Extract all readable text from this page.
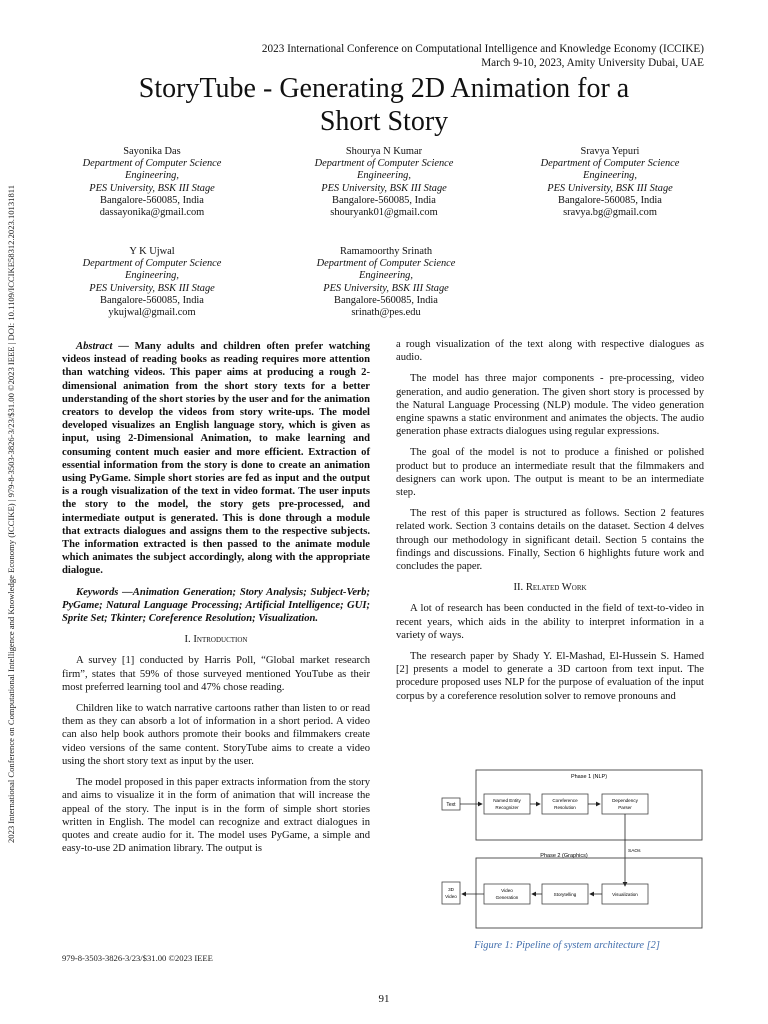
2023 International Conference on Computational Intelligence and Knowledge Economy (ICCIKE) | 979-8-3503-3826-3/23/$31.00 ©2023 IEEE | DOI: 10.1109/ICCIKE58312.2023.10131811
2023 International Conference on Computational Intelligence and Knowledge Economy (ICCIKE)
March 9-10, 2023, Amity University Dubai, UAE
StoryTube - Generating 2D Animation for a
Short Story
Sayonika Das
Department of Computer Science
Engineering,
PES University, BSK III Stage
Bangalore-560085, India
dassayonika@gmail.com
Shourya N Kumar
Department of Computer Science
Engineering,
PES University, BSK III Stage
Bangalore-560085, India
shouryank01@gmail.com
Sravya Yepuri
Department of Computer Science
Engineering,
PES University, BSK III Stage
Bangalore-560085, India
sravya.bg@gmail.com
Y K Ujwal
Department of Computer Science
Engineering,
PES University, BSK III Stage
Bangalore-560085, India
ykujwal@gmail.com
Ramamoorthy Srinath
Department of Computer Science
Engineering,
PES University, BSK III Stage
Bangalore-560085, India
srinath@pes.edu

Abstract — Many adults and children often prefer watching videos instead of reading books as reading requires more attention than watching videos. This paper aims at producing a rough 2-dimensional animation from the short story texts for a better understanding of the short stories by the user and for the animation creators to develop the videos from story write-ups. The model developed visualizes an English language story, which is given as input, using 2-Dimensional Animation, to make learning and consuming content much easier and more efficient. Extraction of essential information from the story is done to create an animation using PyGame. Simple short stories are fed as input and the output is a rough visualization of the text in video format. The user inputs the story to the model, the story gets pre-processed, and intermediate output is generated. This is done through a module that extracts dialogues and assigns them to the respective subjects. The information extracted is then passed to the animate module which animates the subject accordingly, along with the appropriate dialogue.

Keywords —Animation Generation; Story Analysis; Subject-Verb; PyGame; Natural Language Processing; Artificial Intelligence; GUI; Sprite Set; Tkinter; Coreference Resolution; Visualization.

I. Introduction

A survey [1] conducted by Harris Poll, “Global market research firm”, states that 59% of those surveyed mentioned YouTube as their most preferred learning tool and 47% chose reading.

Children like to watch narrative cartoons rather than listen to or read them as they can absorb a lot of information in a short period. A video can also help book authors promote their books and filmmakers create video versions of the same content. StoryTube aims to create a video using the short story text as input by the user.

The model proposed in this paper extracts information from the story and aims to visualize it in the form of animation that will increase the appeal of the story. The input is in the form of simple short stories written in English. The model can recognize and extract dialogues in quotes and create audio for it. The model uses PyGame, a simple and easy-to-use 2D animation library. The output is

a rough visualization of the text along with respective dialogues as audio.

The model has three major components - pre-processing, video generation, and audio generation. The given short story is processed by the Natural Language Processing (NLP) module. The video generation engine spawns a static environment and animates the objects. The audio generation phase extracts dialogues using regular expressions.

The goal of the model is not to produce a finished or polished product but to produce an intermediate result that the filmmakers and designers can work upon. The output is meant to be an intermediate step.

The rest of this paper is structured as follows. Section 2 features related work. Section 3 contains details on the dataset. Section 4 delves through our methodology in significant detail. Section 5 contains the findings and discussions. Finally, Section 6 highlights future work and concludes the paper.

II. Related Work

A lot of research has been conducted in the field of text-to-video in recent years, which aids in the ability to interpret information in a variety of ways.

The research paper by Shady Y. El-Mashad, El-Hussein S. Hamed [2] presents a model to generate a 3D cartoon from text input. The procedure proposed uses NLP for the purpose of evaluation of the input corpus by a coreference resolution solver to remove pronouns and

Phase 1 (NLP)
Text
Named Entity
Recognizer
Coreference
Resolution
Dependency
Parser
SAOs
Phase 2 (Graphics)
3D
Video
Video
Generation
Storytelling	Visualization
Figure 1: Pipeline of system architecture [2]
979-8-3503-3826-3/23/$31.00 ©2023 IEEE
91
